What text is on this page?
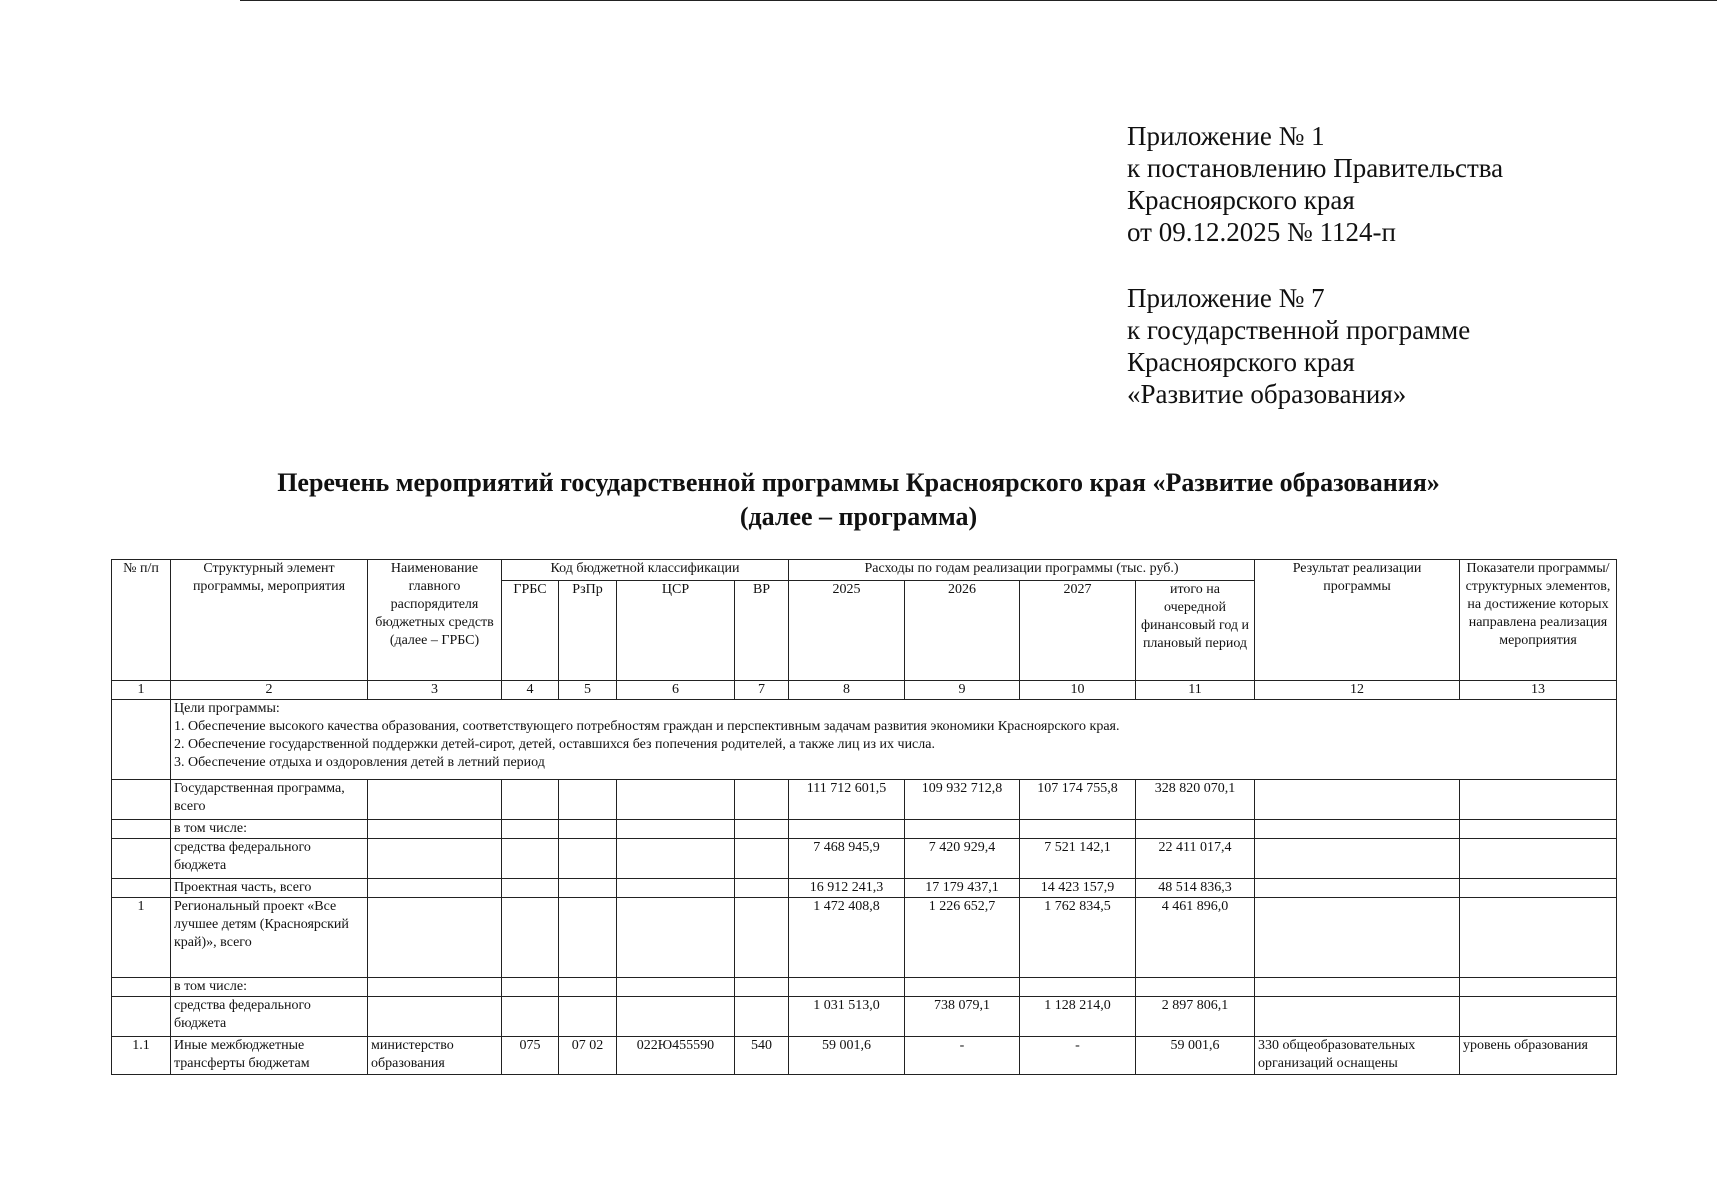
Приложение № 1
к постановлению Правительства
Красноярского края
от 09.12.2025 № 1124-п
Приложение № 7
к государственной программе
Красноярского края
«Развитие образования»
Перечень мероприятий государственной программы Красноярского края «Развитие образования»
(далее – программа)
№ п/п	Структурный элемент программы, мероприятия	Наименование главного распорядителя бюджетных средств (далее – ГРБС)	Код бюджетной классификации				Расходы по годам реализации программы (тыс. руб.)				Результат реализации программы	Показатели программы/ структурных элементов, на достижение которых направлена реализация мероприятия
			ГРБС	РзПр	ЦСР	ВР	2025	2026	2027	итого на очередной финансовый год и плановый период		
1	2	3	4	5	6	7	8	9	10	11	12	13

	Цели программы:
1. Обеспечение высокого качества образования, соответствующего потребностям граждан и перспективным задачам развития экономики Красноярского края.
2. Обеспечение государственной поддержки детей-сирот, детей, оставшихся без попечения родителей, а также лиц из их числа.
3. Обеспечение отдыха и оздоровления детей в летний период											

	Государственная программа, всего						111 712 601,5	109 932 712,8	107 174 755,8	328 820 070,1		
	в том числе:											
	средства федерального бюджета						7 468 945,9	7 420 929,4	7 521 142,1	22 411 017,4		
	Проектная часть, всего						16 912 241,3	17 179 437,1	14 423 157,9	48 514 836,3		
1	Региональный проект «Все лучшее детям (Красноярский край)», всего						1 472 408,8	1 226 652,7	1 762 834,5	4 461 896,0		
	в том числе:											
	средства федерального бюджета						1 031 513,0	738 079,1	1 128 214,0	2 897 806,1		
1.1	Иные межбюджетные трансферты бюджетам	министерство образования	075	07 02	022Ю455590	540	59 001,6	-	-	59 001,6	330 общеобразовательных организаций оснащены	уровень образования
